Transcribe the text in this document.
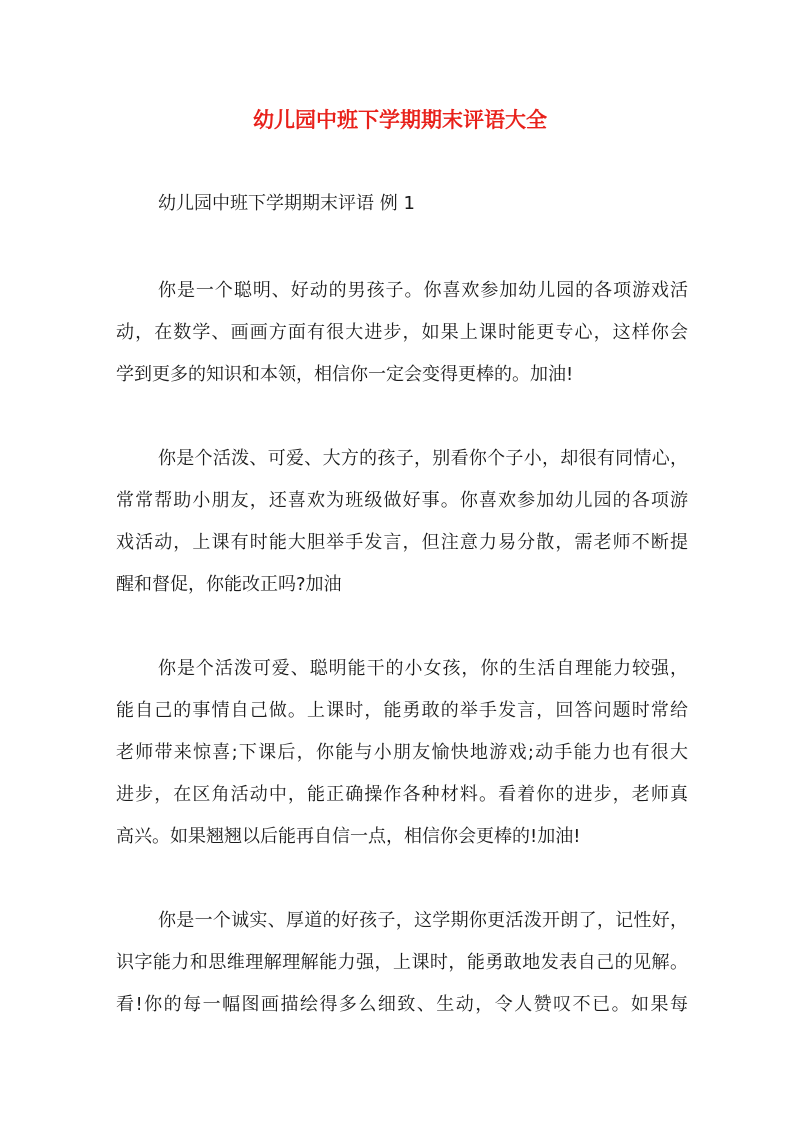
幼儿园中班下学期期末评语大全

幼儿园中班下学期期末评语 例 1

你是一个聪明、好动的男孩子。你喜欢参加幼儿园的各项游戏活
动，在数学、画画方面有很大进步，如果上课时能更专心，这样你会
学到更多的知识和本领，相信你一定会变得更棒的。加油!
你是个活泼、可爱、大方的孩子，别看你个子小，却很有同情心，
常常帮助小朋友，还喜欢为班级做好事。你喜欢参加幼儿园的各项游
戏活动，上课有时能大胆举手发言，但注意力易分散，需老师不断提
醒和督促，你能改正吗?加油
你是个活泼可爱、聪明能干的小女孩，你的生活自理能力较强，
能自己的事情自己做。上课时，能勇敢的举手发言，回答问题时常给
老师带来惊喜;下课后，你能与小朋友愉快地游戏;动手能力也有很大
进步，在区角活动中，能正确操作各种材料。看着你的进步，老师真
高兴。如果翘翘以后能再自信一点，相信你会更棒的!加油!
你是一个诚实、厚道的好孩子，这学期你更活泼开朗了，记性好，
识字能力和思维理解理解能力强，上课时，能勇敢地发表自己的见解。
看!你的每一幅图画描绘得多么细致、生动，令人赞叹不已。如果每
